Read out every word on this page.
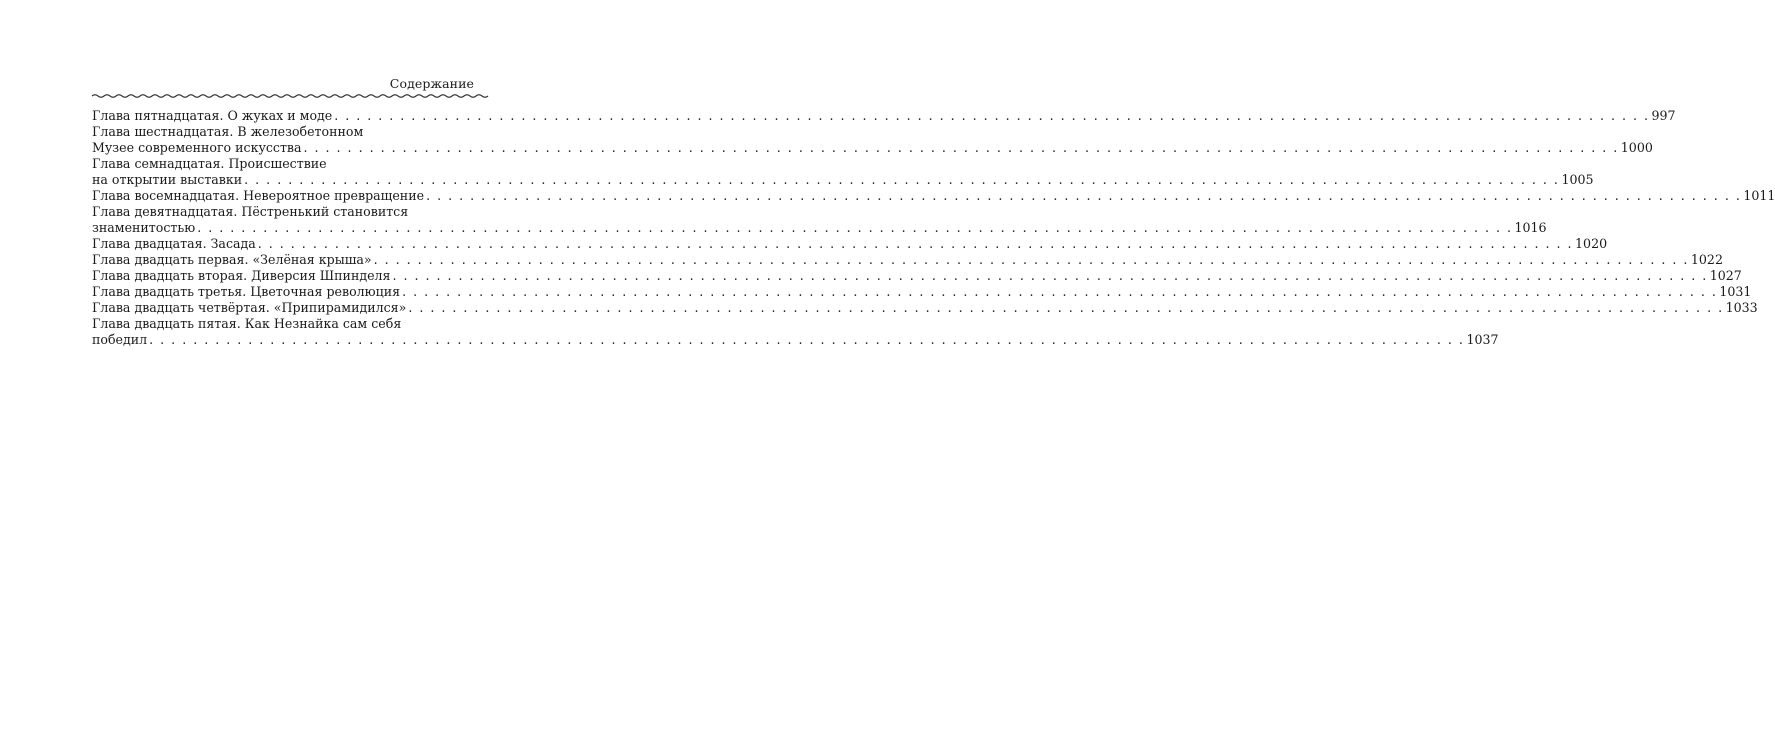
Содержание
Глава пятнадцатая. О жуках и моде . . . . . . . . . . . . . . . . . . . . . . . . . . . . . . . . . . . . . . . . . . . . . . . . . . . . . . . . . . . . . . . . . . . . . . . . . . . . . . . . . . . . . . . . . . . . . . . . . . . . . . . . . . . . . . . . . . . . . . . . 997
Глава шестнадцатая. В железобетонном
Музее современного искусства . . . . . . . . . . . . . . . . . . . . . . . . . . . . . . . . . . . . . . . . . . . . . . . . . . . . . . . . . . . . . . . . . . . . . . . . . . . . . . . . . . . . . . . . . . . . . . . . . . . . . . . . . . . . . . . . . . . . . . . . 1000
Глава семнадцатая. Происшествие
на открытии выставки . . . . . . . . . . . . . . . . . . . . . . . . . . . . . . . . . . . . . . . . . . . . . . . . . . . . . . . . . . . . . . . . . . . . . . . . . . . . . . . . . . . . . . . . . . . . . . . . . . . . . . . . . . . . . . . . . . . . . . . . 1005
Глава восемнадцатая. Невероятное превращение . . . . . . . . . . . . . . . . . . . . . . . . . . . . . . . . . . . . . . . . . . . . . . . . . . . . . . . . . . . . . . . . . . . . . . . . . . . . . . . . . . . . . . . . . . . . . . . . . . . . . . . . . . . . . . . . . . . . . . . . 1011
Глава девятнадцатая. Пёстренький становится
знаменитостью . . . . . . . . . . . . . . . . . . . . . . . . . . . . . . . . . . . . . . . . . . . . . . . . . . . . . . . . . . . . . . . . . . . . . . . . . . . . . . . . . . . . . . . . . . . . . . . . . . . . . . . . . . . . . . . . . . . . . . . . 1016
Глава двадцатая. Засада . . . . . . . . . . . . . . . . . . . . . . . . . . . . . . . . . . . . . . . . . . . . . . . . . . . . . . . . . . . . . . . . . . . . . . . . . . . . . . . . . . . . . . . . . . . . . . . . . . . . . . . . . . . . . . . . . . . . . . . . 1020
Глава двадцать первая. «Зелёная крыша» . . . . . . . . . . . . . . . . . . . . . . . . . . . . . . . . . . . . . . . . . . . . . . . . . . . . . . . . . . . . . . . . . . . . . . . . . . . . . . . . . . . . . . . . . . . . . . . . . . . . . . . . . . . . . . . . . . . . . . . . 1022
Глава двадцать вторая. Диверсия Шпинделя . . . . . . . . . . . . . . . . . . . . . . . . . . . . . . . . . . . . . . . . . . . . . . . . . . . . . . . . . . . . . . . . . . . . . . . . . . . . . . . . . . . . . . . . . . . . . . . . . . . . . . . . . . . . . . . . . . . . . . . . 1027
Глава двадцать третья. Цветочная революция . . . . . . . . . . . . . . . . . . . . . . . . . . . . . . . . . . . . . . . . . . . . . . . . . . . . . . . . . . . . . . . . . . . . . . . . . . . . . . . . . . . . . . . . . . . . . . . . . . . . . . . . . . . . . . . . . . . . . . . . 1031
Глава двадцать четвёртая. «Припирамидился» . . . . . . . . . . . . . . . . . . . . . . . . . . . . . . . . . . . . . . . . . . . . . . . . . . . . . . . . . . . . . . . . . . . . . . . . . . . . . . . . . . . . . . . . . . . . . . . . . . . . . . . . . . . . . . . . . . . . . . . . 1033
Глава двадцать пятая. Как Незнайка сам себя
победил . . . . . . . . . . . . . . . . . . . . . . . . . . . . . . . . . . . . . . . . . . . . . . . . . . . . . . . . . . . . . . . . . . . . . . . . . . . . . . . . . . . . . . . . . . . . . . . . . . . . . . . . . . . . . . . . . . . . . . . . 1037
